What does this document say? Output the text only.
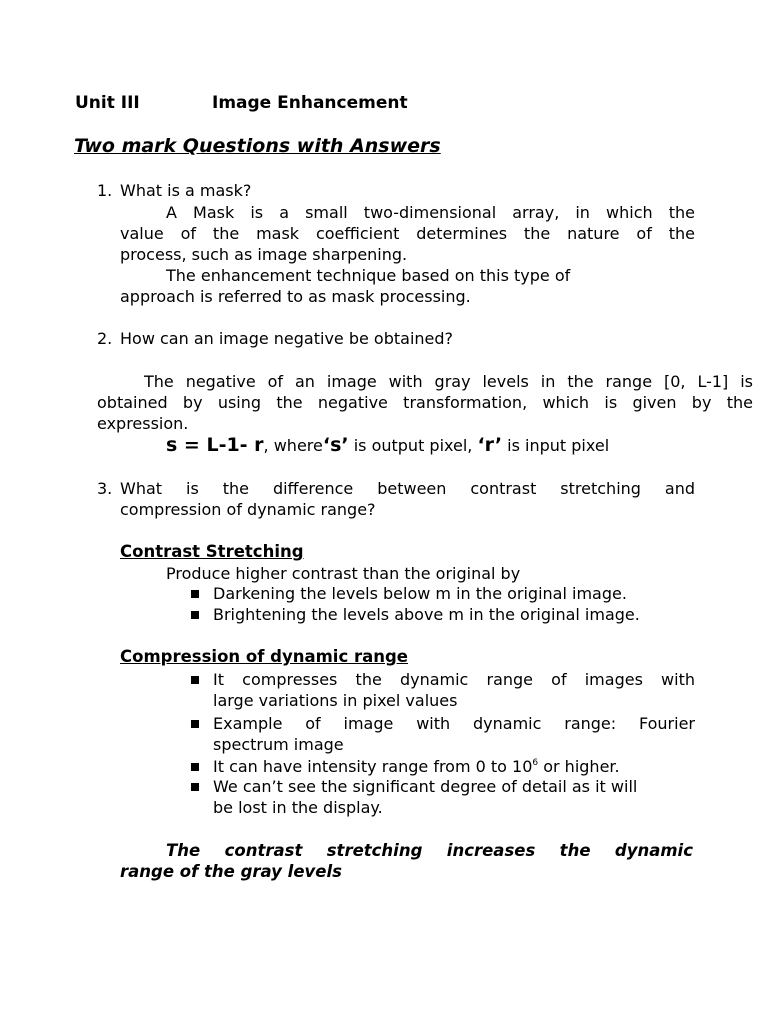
Unit III	Image Enhancement
Two mark Questions with Answers
1. What is a mask?
A Mask is a small two-dimensional array, in which the
value of the mask coefficient determines the nature of the
process, such as image sharpening.
The enhancement technique based on this type of
approach is referred to as mask processing.
2. How can an image negative be obtained?
The negative of an image with gray levels in the range [0, L-1] is
obtained by using the negative transformation, which is given by the
expression.
s = L-1- r, where‘s’ is output pixel, ‘r’ is input pixel
3. What is the difference between contrast stretching and
compression of dynamic range?
Contrast Stretching
Produce higher contrast than the original by
Darkening the levels below m in the original image.
Brightening the levels above m in the original image.
Compression of dynamic range
It compresses the dynamic range of images with
large variations in pixel values
Example of image with dynamic range: Fourier
spectrum image
It can have intensity range from 0 to $10^6$ or higher.
We can’t see the significant degree of detail as it will
be lost in the display.
The contrast stretching increases the dynamic
range of the gray levels
